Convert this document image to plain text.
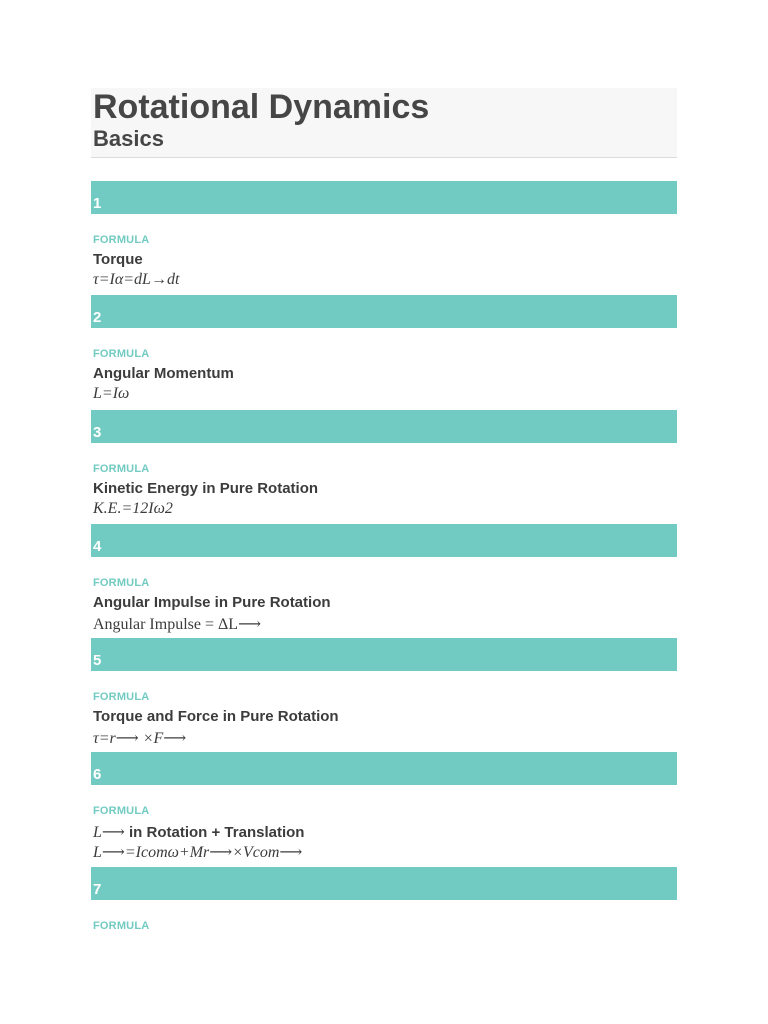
Rotational Dynamics
Basics
1
FORMULA
Torque
τ=Iα=dL→dt
2
FORMULA
Angular Momentum
L=Iω
3
FORMULA
Kinetic Energy in Pure Rotation
K.E.=12Iω2
4
FORMULA
Angular Impulse in Pure Rotation
Angular Impulse = ΔL⟶
5
FORMULA
Torque and Force in Pure Rotation
τ=r⟶ ×F⟶
6
FORMULA
L⟶ in Rotation + Translation
L⟶=Icomω+Mr⟶×Vcom⟶
7
FORMULA
